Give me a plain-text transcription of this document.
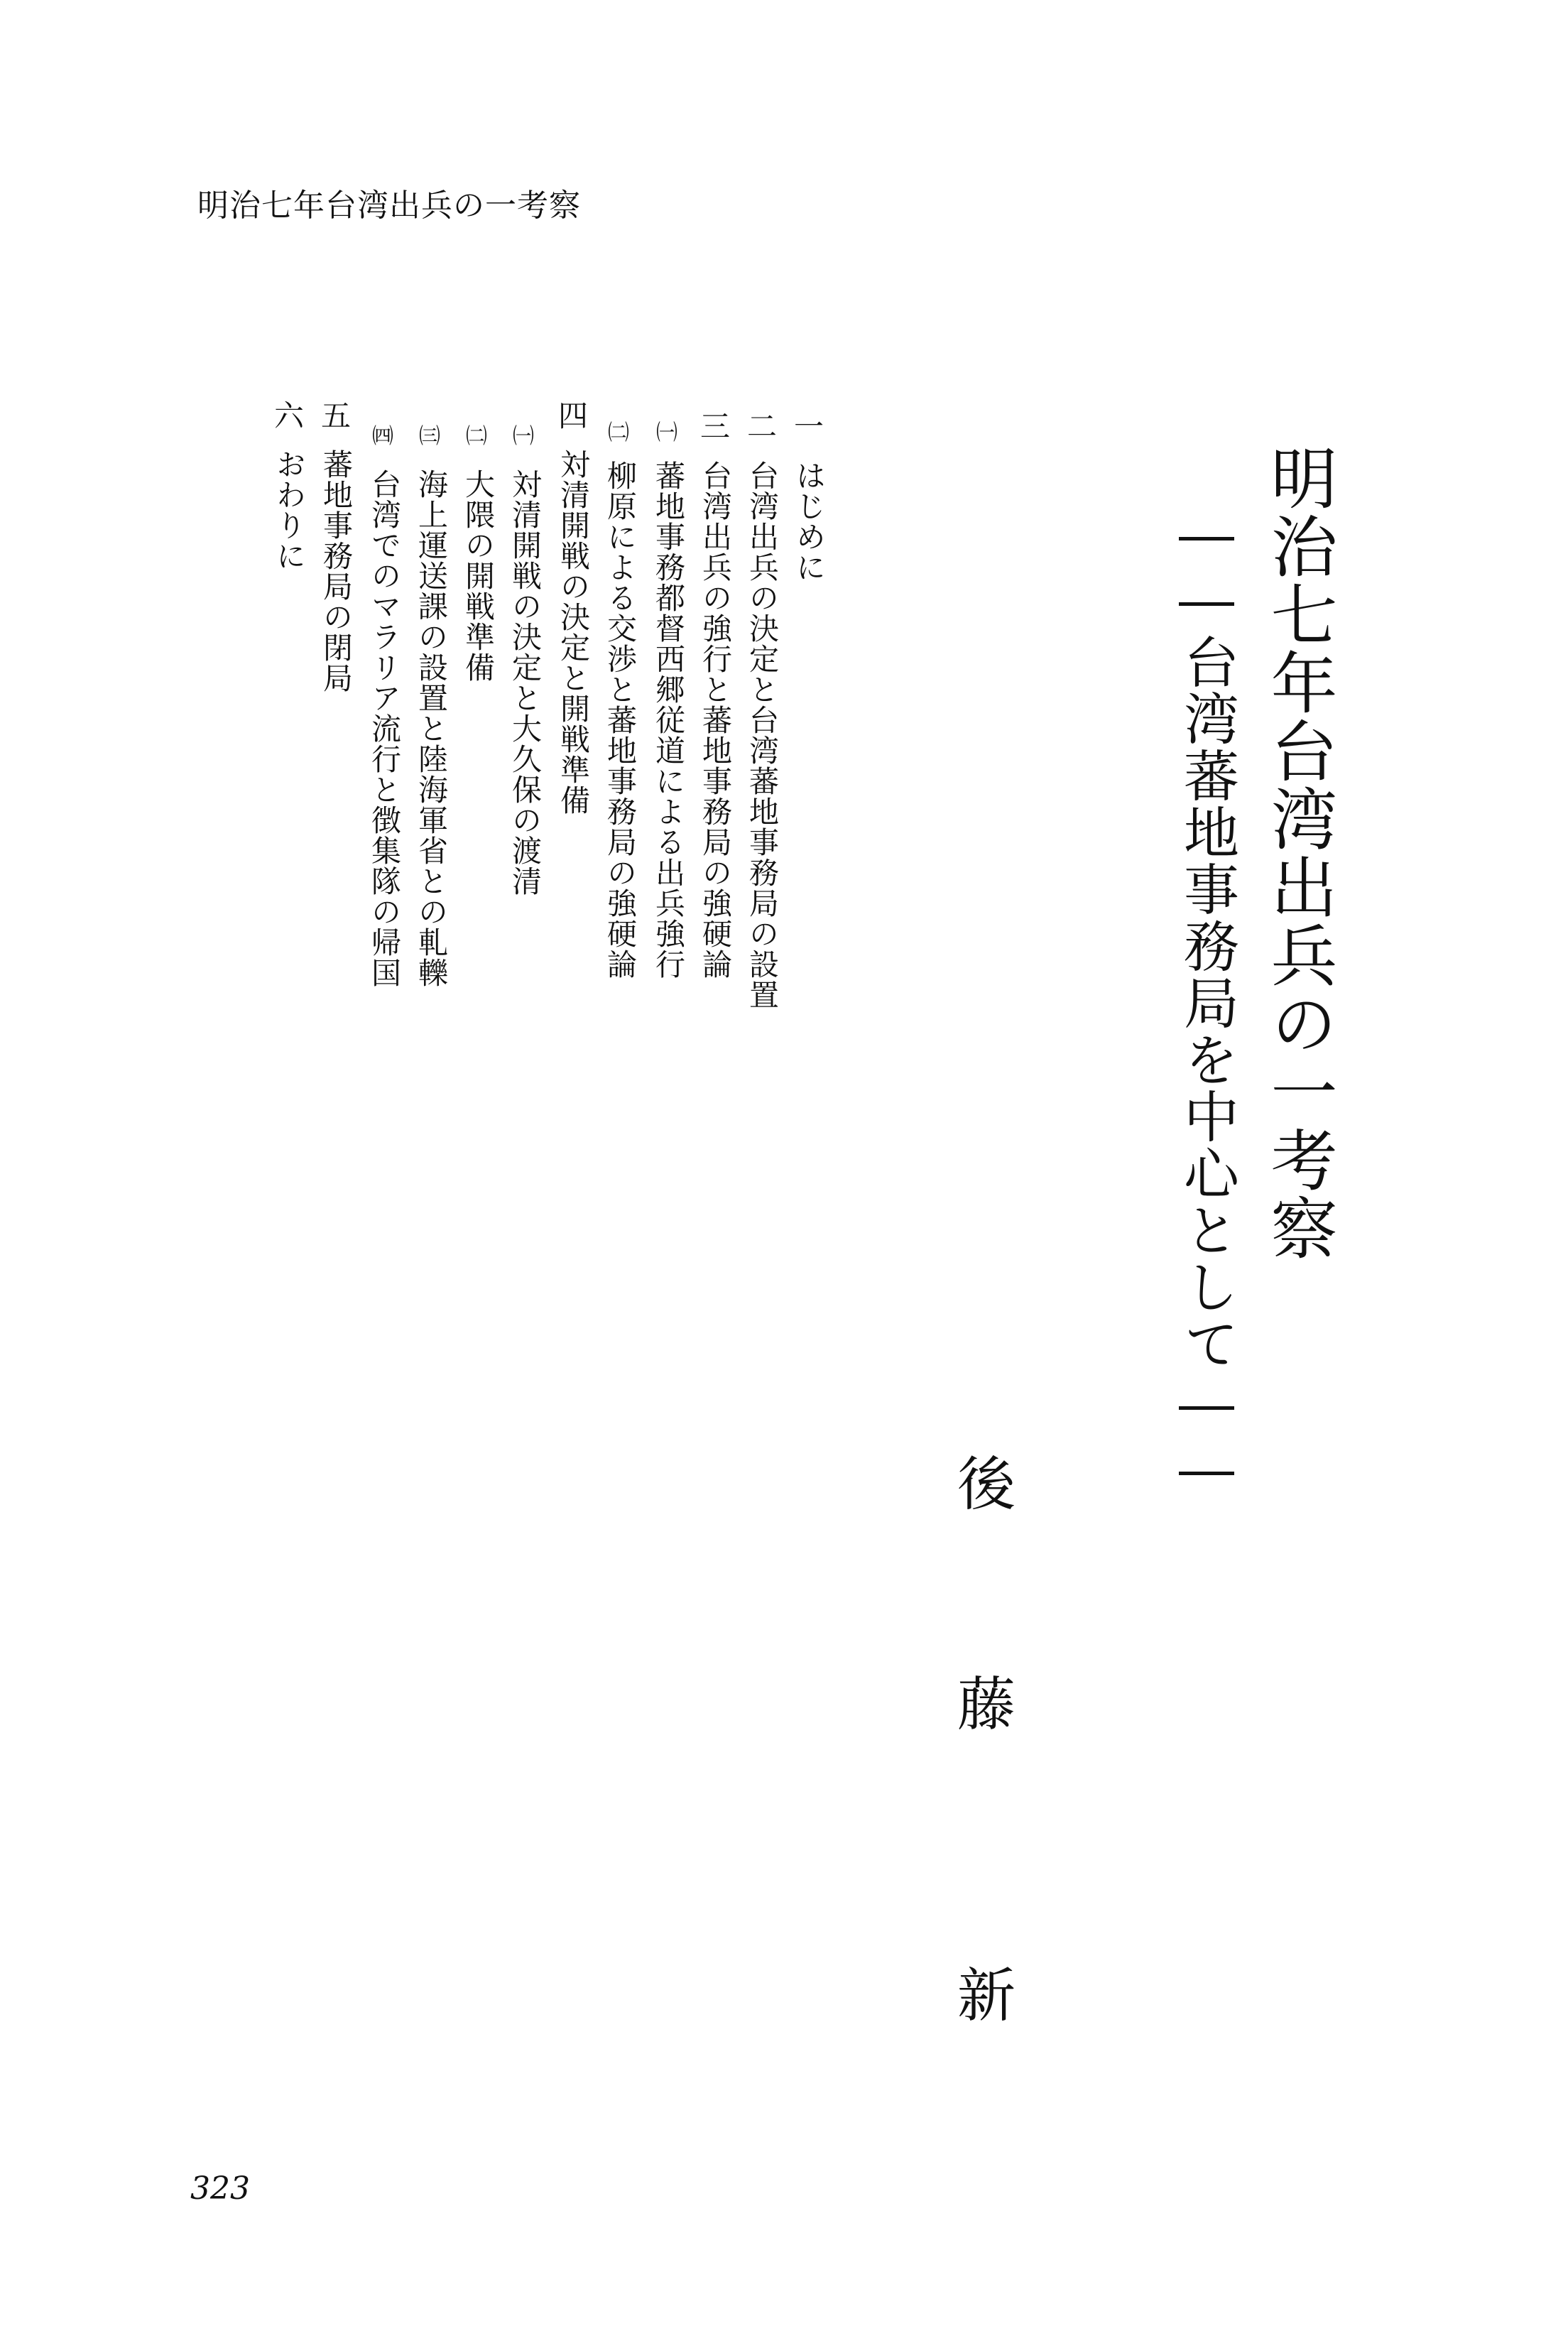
明治七年台湾出兵の一考察
明治七年台湾出兵の一考察
――台湾蕃地事務局を中心として――
後
藤
新
一
はじめに
二
台湾出兵の決定と台湾蕃地事務局の設置
三
台湾出兵の強行と蕃地事務局の強硬論
㈠
蕃地事務都督西郷従道による出兵強行
㈡
柳原による交渉と蕃地事務局の強硬論
四
対清開戦の決定と開戦準備
㈠
対清開戦の決定と大久保の渡清
㈡
大隈の開戦準備
㈢
海上運送課の設置と陸海軍省との軋轢
㈣
台湾でのマラリア流行と徴集隊の帰国
五
蕃地事務局の閉局
六
おわりに
323
